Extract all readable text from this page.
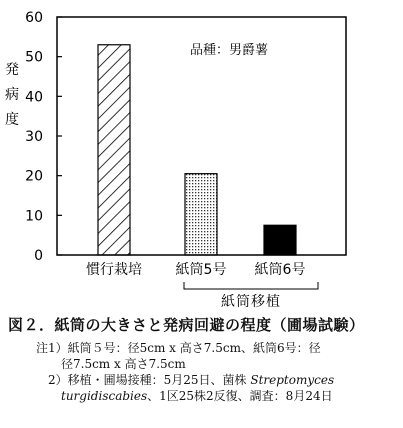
0
10
20
30
40
50
60
発
病
度
品種：男爵薯
慣行栽培 紙筒5号 紙筒6号
紙筒移植
図２．紙筒の大きさと発病回避の程度（圃場試験）
注1）紙筒５号：径5cm x 高さ7.5cm、紙筒6号：径
径7.5cm x 高さ7.5cm
2）移植・圃場接種：5月25日、菌株 Streptomyces
turgidiscabies、1区25株2反復、調査：8月24日
